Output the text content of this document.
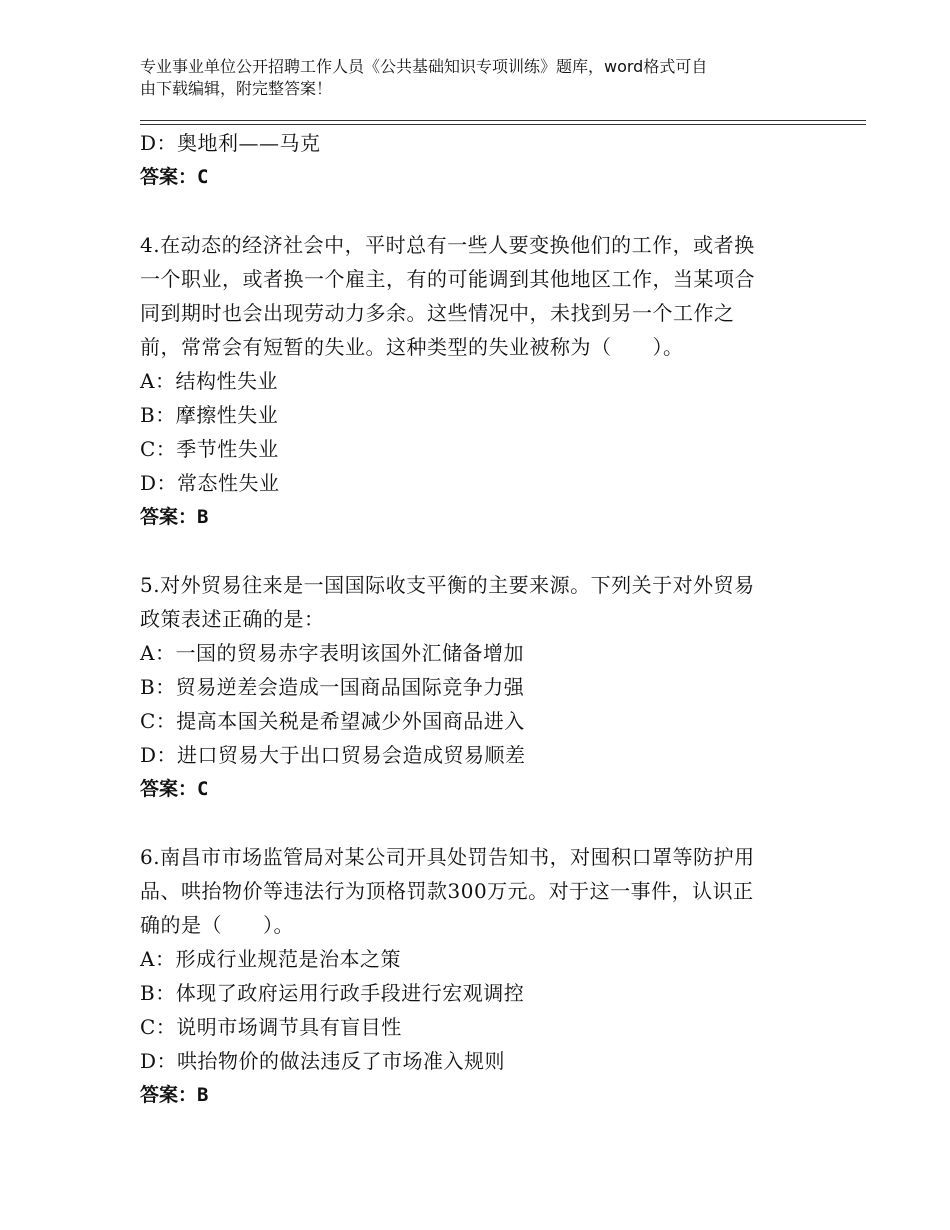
专业事业单位公开招聘工作人员《公共基础知识专项训练》题库，word格式可自
由下载编辑，附完整答案！
D：奥地利——马克
答案：C
4.在动态的经济社会中，平时总有一些人要变换他们的工作，或者换
一个职业，或者换一个雇主，有的可能调到其他地区工作，当某项合
同到期时也会出现劳动力多余。这些情况中，未找到另一个工作之
前，常常会有短暂的失业。这种类型的失业被称为（　　）。
A：结构性失业
B：摩擦性失业
C：季节性失业
D：常态性失业
答案：B
5.对外贸易往来是一国国际收支平衡的主要来源。下列关于对外贸易
政策表述正确的是：
A：一国的贸易赤字表明该国外汇储备增加
B：贸易逆差会造成一国商品国际竞争力强
C：提高本国关税是希望减少外国商品进入
D：进口贸易大于出口贸易会造成贸易顺差
答案：C
6.南昌市市场监管局对某公司开具处罚告知书，对囤积口罩等防护用
品、哄抬物价等违法行为顶格罚款300万元。对于这一事件，认识正
确的是（　　）。
A：形成行业规范是治本之策
B：体现了政府运用行政手段进行宏观调控
C：说明市场调节具有盲目性
D：哄抬物价的做法违反了市场准入规则
答案：B
